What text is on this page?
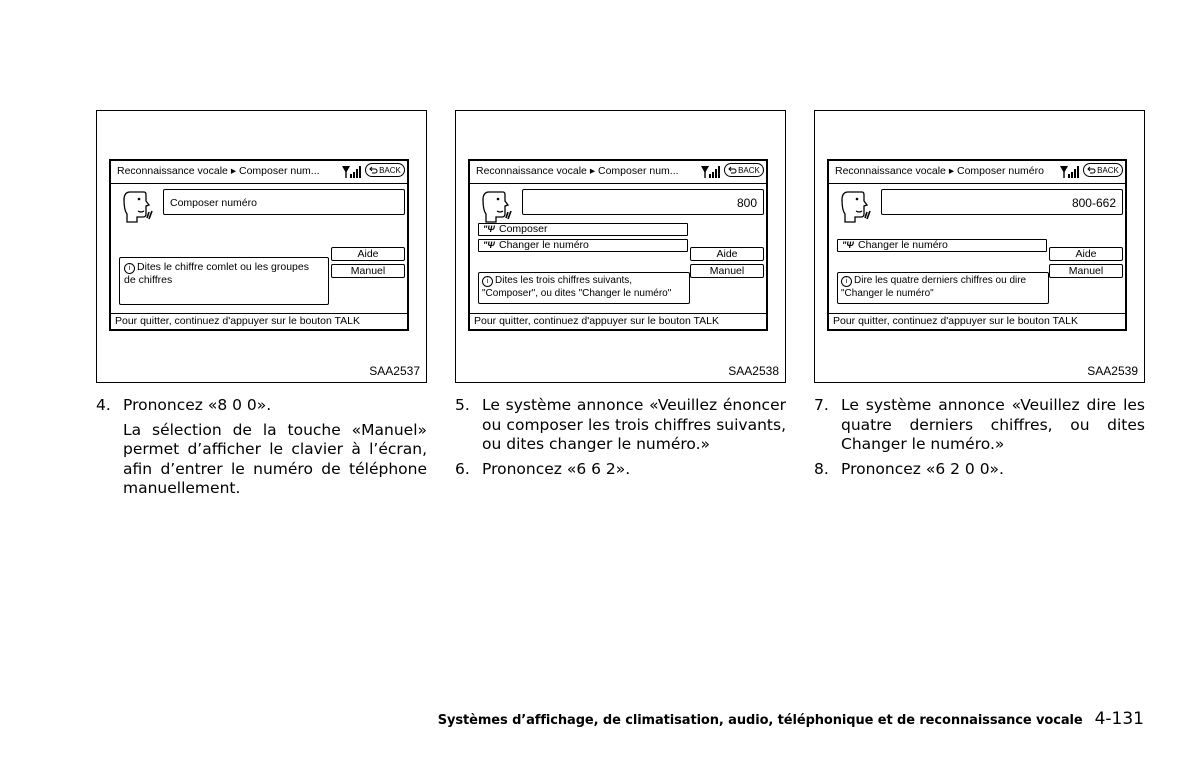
Reconnaissance vocale ▸ Composer num...	BACK
Composer numéro
Aide
Manuel
i Dites le chiffre comlet ou les groupes
de chiffres
Pour quitter, continuez d'appuyer sur le bouton TALK
SAA2537
Reconnaissance vocale ▸ Composer num...	BACK
800
"Ψ Composer
"Ψ Changer le numéro
Aide
Manuel
i Dites les trois chiffres suivants,
"Composer", ou dites "Changer le numéro"
Pour quitter, continuez d'appuyer sur le bouton TALK
SAA2538
Reconnaissance vocale ▸ Composer numéro	BACK
800-662
"Ψ Changer le numéro
Aide
Manuel
i Dire les quatre derniers chiffres ou dire
"Changer le numéro"
Pour quitter, continuez d'appuyer sur le bouton TALK
SAA2539
4. Prononcez «8 0 0».
La sélection de la touche «Manuel» permet d’afficher le clavier à l’écran, afin d’entrer le numéro de téléphone manuellement.
5. Le système annonce «Veuillez énoncer ou composer les trois chiffres suivants, ou dites changer le numéro.»
6. Prononcez «6 6 2».
7. Le système annonce «Veuillez dire les quatre derniers chiffres, ou dites Changer le numéro.»
8. Prononcez «6 2 0 0».
Systèmes d’affichage, de climatisation, audio, téléphonique et de reconnaissance vocale 4-131
